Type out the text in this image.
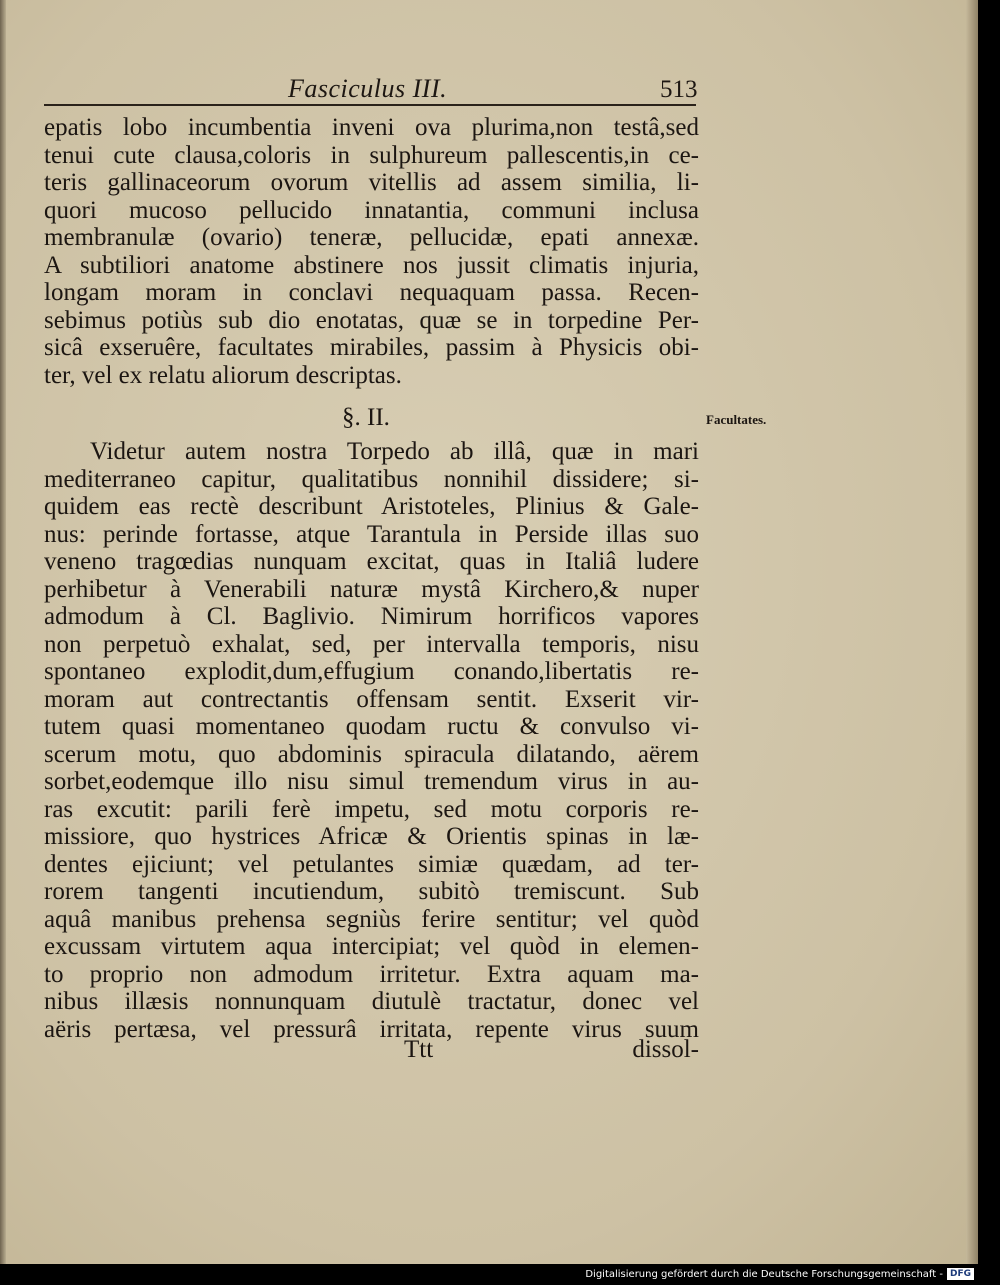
Fasciculus III.	513
epatis lobo incumbentia inveni ova plurima,non testâ,sed
tenui cute clausa,coloris in sulphureum pallescentis,in ce-
teris gallinaceorum ovorum vitellis ad assem similia, li-
quori mucoso pellucido innatantia, communi inclusa
membranulæ (ovario) teneræ, pellucidæ, epati annexæ.
A subtiliori anatome abstinere nos jussit climatis injuria,
longam moram in conclavi nequaquam passa. Recen-
sebimus potiùs sub dio enotatas, quæ se in torpedine Per-
sicâ exseruêre, facultates mirabiles, passim à Physicis obi-
ter, vel ex relatu aliorum descriptas.
§. II.	Facultates.
Videtur autem nostra Torpedo ab illâ, quæ in mari
mediterraneo capitur, qualitatibus nonnihil dissidere; si-
quidem eas rectè describunt Aristoteles, Plinius & Gale-
nus: perinde fortasse, atque Tarantula in Perside illas suo
veneno tragœdias nunquam excitat, quas in Italiâ ludere
perhibetur à Venerabili naturæ mystâ Kirchero,& nuper
admodum à Cl. Baglivio. Nimirum horrificos vapores
non perpetuò exhalat, sed, per intervalla temporis, nisu
spontaneo explodit,dum,effugium conando,libertatis re-
moram aut contrectantis offensam sentit. Exserit vir-
tutem quasi momentaneo quodam ructu & convulso vi-
scerum motu, quo abdominis spiracula dilatando, aërem
sorbet,eodemque illo nisu simul tremendum virus in au-
ras excutit: parili ferè impetu, sed motu corporis re-
missiore, quo hystrices Africæ & Orientis spinas in læ-
dentes ejiciunt; vel petulantes simiæ quædam, ad ter-
rorem tangenti incutiendum, subitò tremiscunt. Sub
aquâ manibus prehensa segniùs ferire sentitur; vel quòd
excussam virtutem aqua intercipiat; vel quòd in elemen-
to proprio non admodum irritetur. Extra aquam ma-
nibus illæsis nonnunquam diutulè tractatur, donec vel
aëris pertæsa, vel pressurâ irritata, repente virus suum
Ttt	dissol-
Digitalisierung gefördert durch die Deutsche Forschungsgemeinschaft - DFG
